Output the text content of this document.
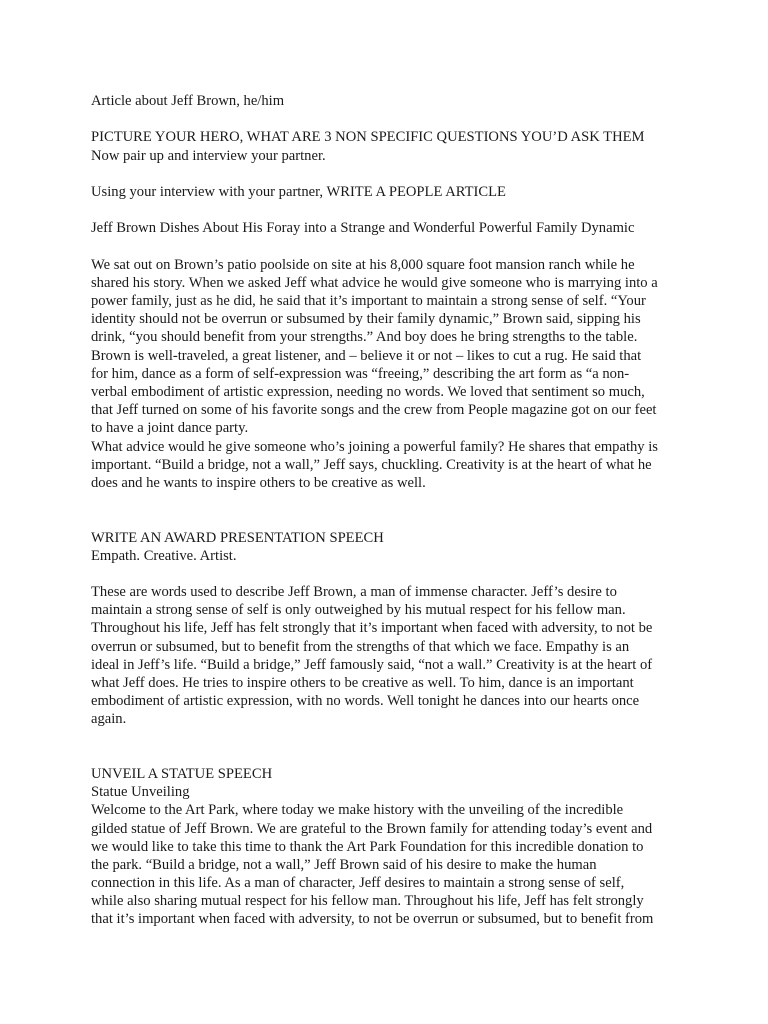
Article about Jeff Brown, he/him
PICTURE YOUR HERO, WHAT ARE 3 NON SPECIFIC QUESTIONS YOU’D ASK THEM
Now pair up and interview your partner.
Using your interview with your partner, WRITE A PEOPLE ARTICLE
Jeff Brown Dishes About His Foray into a Strange and Wonderful Powerful Family Dynamic
We sat out on Brown’s patio poolside on site at his 8,000 square foot mansion ranch while he
shared his story. When we asked Jeff what advice he would give someone who is marrying into a
power family, just as he did, he said that it’s important to maintain a strong sense of self. “Your
identity should not be overrun or subsumed by their family dynamic,” Brown said, sipping his
drink, “you should benefit from your strengths.” And boy does he bring strengths to the table.
Brown is well-traveled, a great listener, and – believe it or not – likes to cut a rug. He said that
for him, dance as a form of self-expression was “freeing,” describing the art form as “a non-
verbal embodiment of artistic expression, needing no words. We loved that sentiment so much,
that Jeff turned on some of his favorite songs and the crew from People magazine got on our feet
to have a joint dance party.
What advice would he give someone who’s joining a powerful family? He shares that empathy is
important. “Build a bridge, not a wall,” Jeff says, chuckling. Creativity is at the heart of what he
does and he wants to inspire others to be creative as well.
WRITE AN AWARD PRESENTATION SPEECH
Empath. Creative. Artist.
These are words used to describe Jeff Brown, a man of immense character. Jeff’s desire to
maintain a strong sense of self is only outweighed by his mutual respect for his fellow man.
Throughout his life, Jeff has felt strongly that it’s important when faced with adversity, to not be
overrun or subsumed, but to benefit from the strengths of that which we face. Empathy is an
ideal in Jeff’s life. “Build a bridge,” Jeff famously said, “not a wall.” Creativity is at the heart of
what Jeff does. He tries to inspire others to be creative as well. To him, dance is an important
embodiment of artistic expression, with no words. Well tonight he dances into our hearts once
again.
UNVEIL A STATUE SPEECH
Statue Unveiling
Welcome to the Art Park, where today we make history with the unveiling of the incredible
gilded statue of Jeff Brown. We are grateful to the Brown family for attending today’s event and
we would like to take this time to thank the Art Park Foundation for this incredible donation to
the park. “Build a bridge, not a wall,” Jeff Brown said of his desire to make the human
connection in this life. As a man of character, Jeff desires to maintain a strong sense of self,
while also sharing mutual respect for his fellow man. Throughout his life, Jeff has felt strongly
that it’s important when faced with adversity, to not be overrun or subsumed, but to benefit from
